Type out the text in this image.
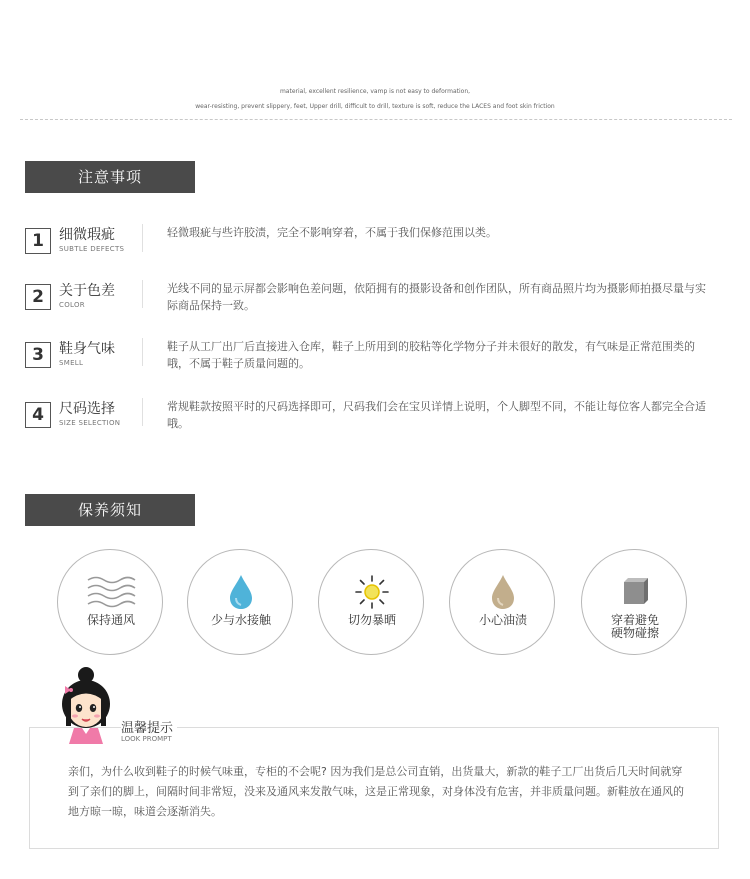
material, excellent resilience, vamp is not easy to deformation,
wear-resisting, prevent slippery, feet, Upper drill, difficult to drill, texture is soft, reduce the LACES and foot skin friction
注意事项
1	细微瑕疵
SUBTLE DEFECTS
轻微瑕疵与些许胶渍，完全不影响穿着，不属于我们保修范围以类。
2	关于色差
COLOR
光线不同的显示屏都会影响色差问题，依陌拥有的摄影设备和创作团队，所有商品照片均为摄影师拍摄尽量与实际商品保持一致。
3	鞋身气味
SMELL
鞋子从工厂出厂后直接进入仓库，鞋子上所用到的胶粘等化学物分子并未很好的散发，有气味是正常范围类的哦，不属于鞋子质量问题的。
4	尺码选择
SIZE SELECTION
常规鞋款按照平时的尺码选择即可，尺码我们会在宝贝详情上说明，个人脚型不同，不能让每位客人都完全合适哦。
保养须知
保持通风	少与水接触	切勿暴晒	小心油渍	穿着避免
硬物碰擦
温馨提示
LOOK PROMPT
亲们，为什么收到鞋子的时候气味重，专柜的不会呢? 因为我们是总公司直销，出货量大，新款的鞋子工厂出货后几天时间就穿到了亲们的脚上，间隔时间非常短，没来及通风来发散气味，这是正常现象，对身体没有危害，并非质量问题。新鞋放在通风的地方晾一晾，味道会逐渐消失。
